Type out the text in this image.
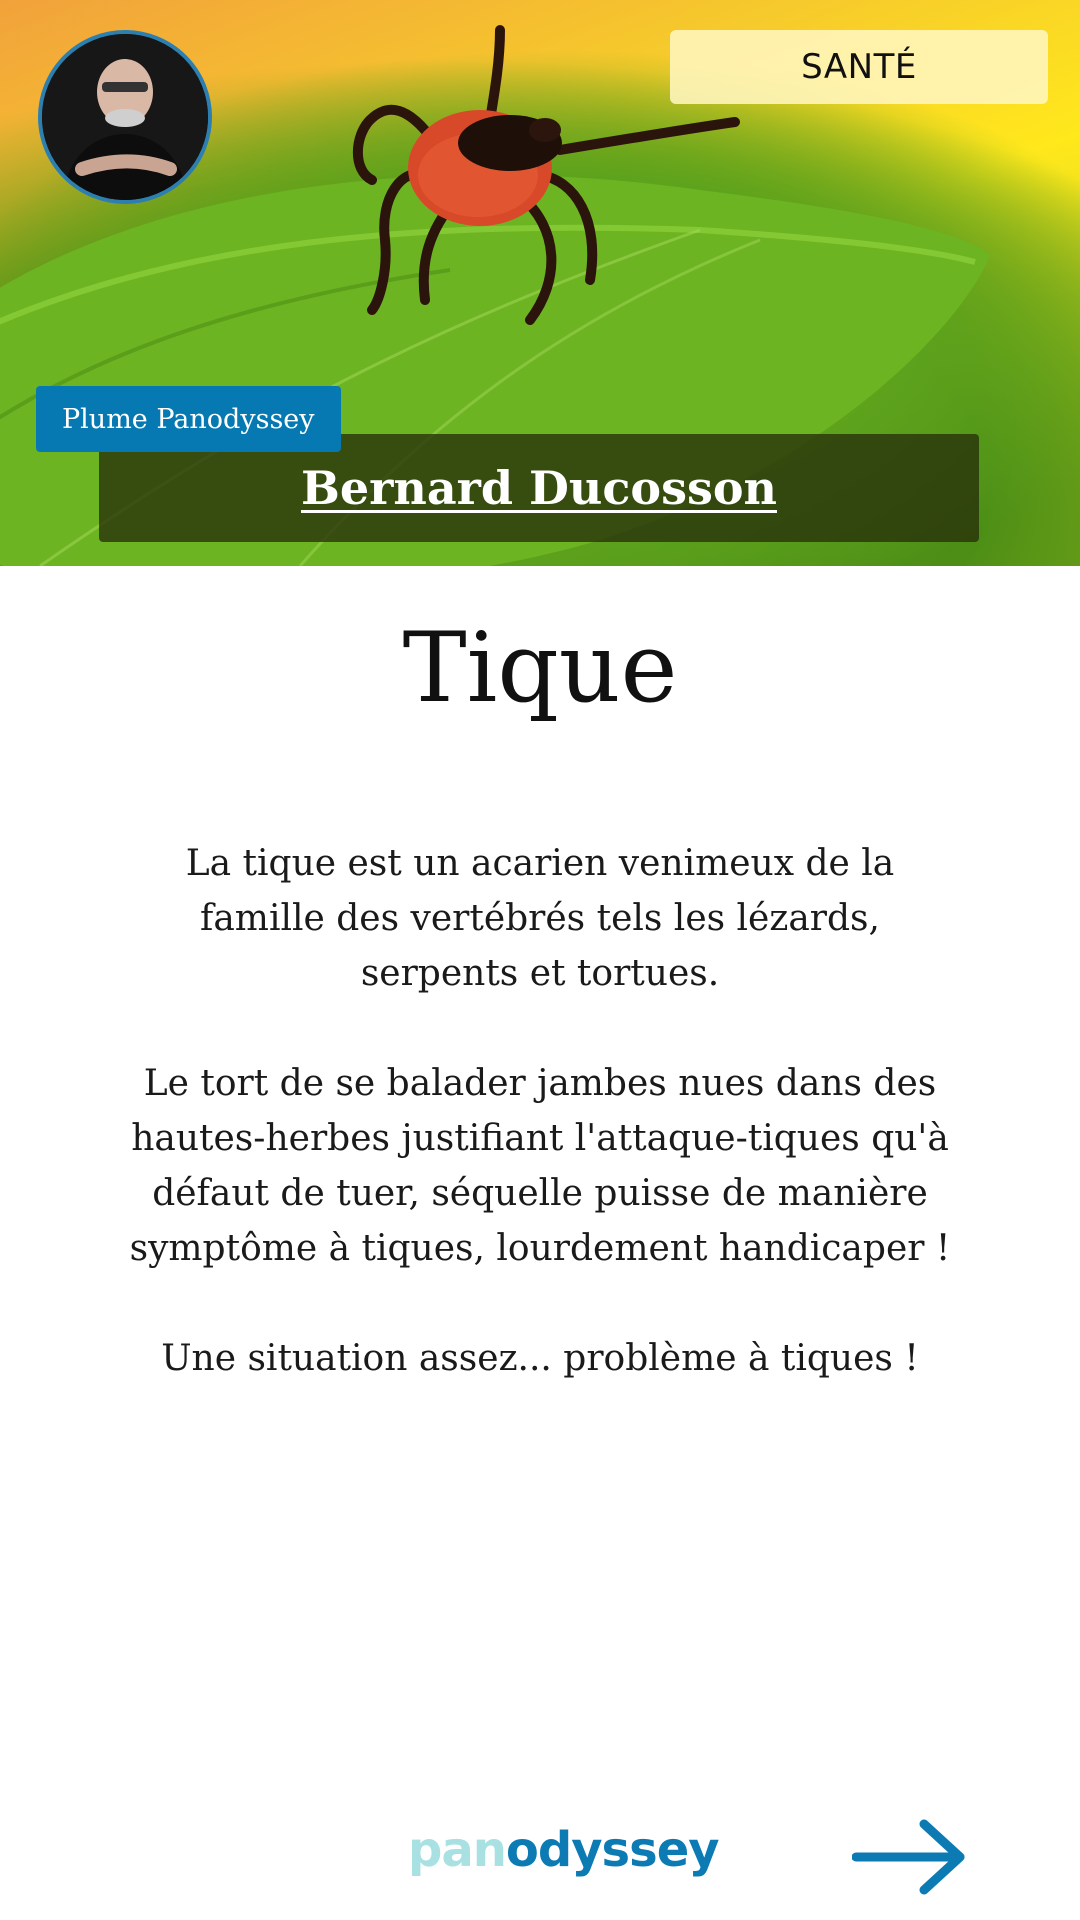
SANTÉ
Plume Panodyssey
Bernard Ducosson
Tique

La tique est un acarien venimeux de la famille des vertébrés tels les lézards, serpents et tortues.

Le tort de se balader jambes nues dans des hautes-herbes justifiant l'attaque-tiques qu'à défaut de tuer, séquelle puisse de manière symptôme à tiques, lourdement handicaper !

Une situation assez... problème à tiques !

panodyssey
